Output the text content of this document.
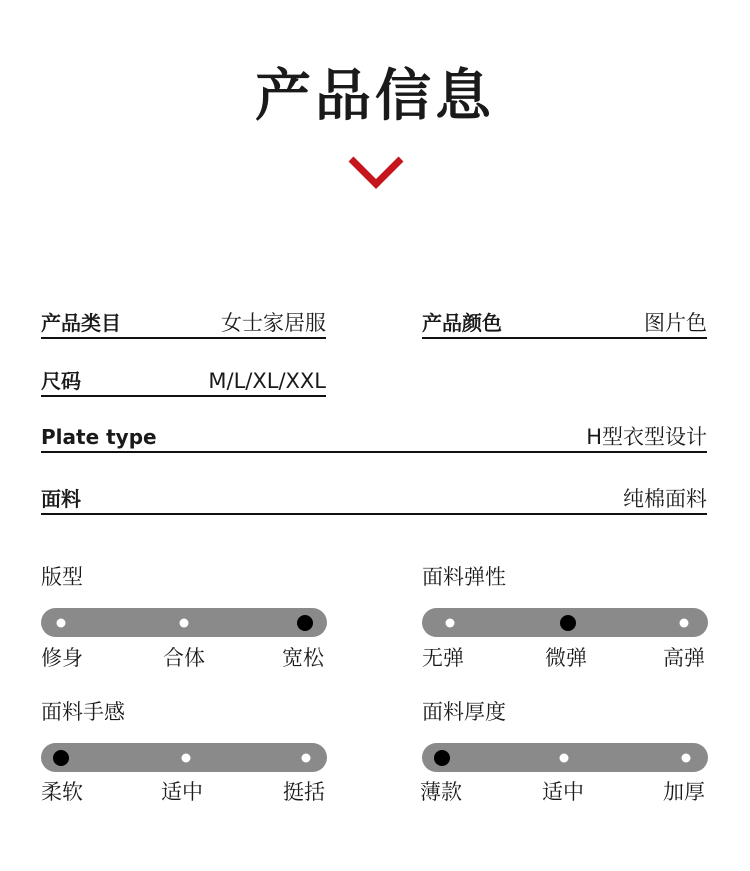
产品信息
产品类目	女士家居服	产品颜色	图片色
尺码	M/L/XL/XXL
Plate type	H型衣型设计
面料	纯棉面料
版型
修身	合体	宽松
面料弹性
无弹	微弹	高弹
面料手感
柔软	适中	挺括
面料厚度
薄款	适中	加厚
